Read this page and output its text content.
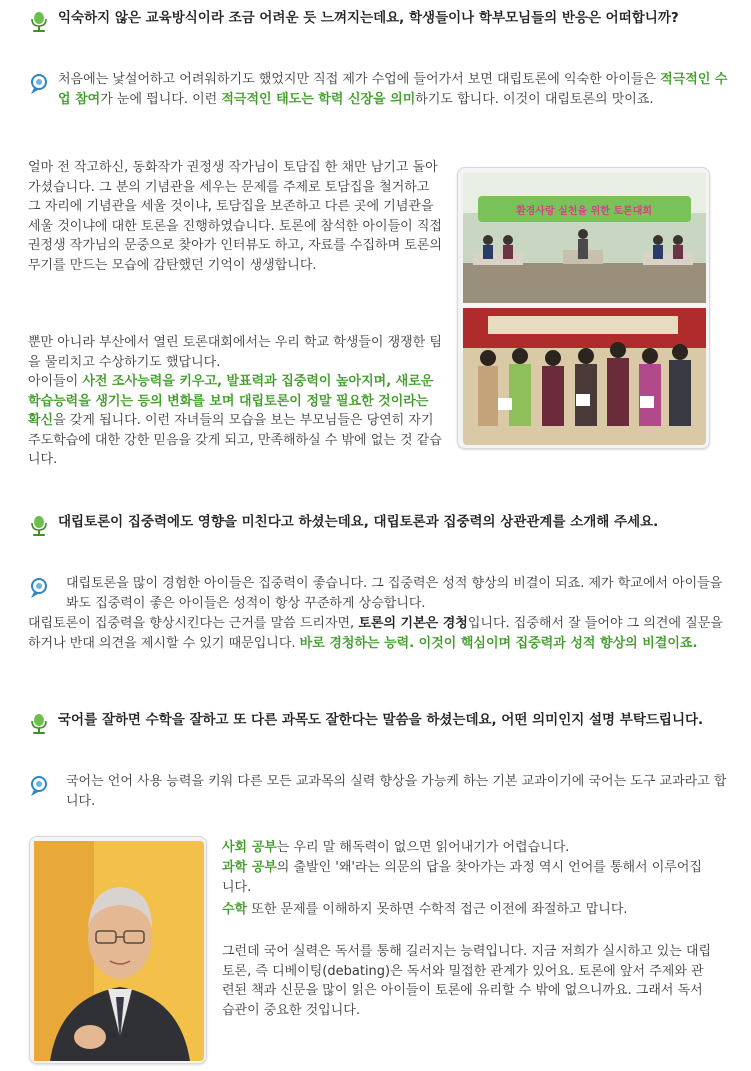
익숙하지 않은 교육방식이라 조금 어려운 듯 느껴지는데요, 학생들이나 학부모님들의 반응은 어떠합니까?
처음에는 낯설어하고 어려워하기도 했었지만 직접 제가 수업에 들어가서 보면 대립토론에 익숙한 아이들은 적극적인 수업 참여가 눈에 띕니다. 이런 적극적인 태도는 학력 신장을 의미하기도 합니다. 이것이 대립토론의 맛이죠.
얼마 전 작고하신, 동화작가 권정생 작가님이 토담집 한 채만 남기고 돌아가셨습니다. 그 분의 기념관을 세우는 문제를 주제로 토담집을 철거하고 그 자리에 기념관을 세울 것이냐, 토담집을 보존하고 다른 곳에 기념관을 세울 것이냐에 대한 토론을 진행하였습니다. 토론에 참석한 아이들이 직접 권정생 작가님의 문중으로 찾아가 인터뷰도 하고, 자료를 수집하며 토론의 무기를 만드는 모습에 감탄했던 기억이 생생합니다.
뿐만 아니라 부산에서 열린 토론대회에서는 우리 학교 학생들이 쟁쟁한 팀을 물리치고 수상하기도 했답니다.
아이들이 사전 조사능력을 키우고, 발표력과 집중력이 높아지며, 새로운 학습능력을 생기는 등의 변화를 보며 대립토론이 정말 필요한 것이라는 확신을 갖게 됩니다. 이런 자녀들의 모습을 보는 부모님들은 당연히 자기주도학습에 대한 강한 믿음을 갖게 되고, 만족해하실 수 밖에 없는 것 같습니다.
환경사랑 실천을 위한 토론대회
대립토론이 집중력에도 영향을 미친다고 하셨는데요, 대립토론과 집중력의 상관관계를 소개해 주세요.
대립토론을 많이 경험한 아이들은 집중력이 좋습니다. 그 집중력은 성적 향상의 비결이 되죠. 제가 학교에서 아이들을 봐도 집중력이 좋은 아이들은 성적이 항상 꾸준하게 상승합니다.
대립토론이 집중력을 향상시킨다는 근거를 말씀 드리자면, 토론의 기본은 경청입니다. 집중해서 잘 들어야 그 의견에 질문을 하거나 반대 의견을 제시할 수 있기 때문입니다. 바로 경청하는 능력. 이것이 핵심이며 집중력과 성적 향상의 비결이죠.
국어를 잘하면 수학을 잘하고 또 다른 과목도 잘한다는 말씀을 하셨는데요, 어떤 의미인지 설명 부탁드립니다.
국어는 언어 사용 능력을 키워 다른 모든 교과목의 실력 향상을 가능케 하는 기본 교과이기에 국어는 도구 교과라고 합니다.
사회 공부는 우리 말 해독력이 없으면 읽어내기가 어렵습니다.
과학 공부의 출발인 '왜'라는 의문의 답을 찾아가는 과정 역시 언어를 통해서 이루어집니다.
수학 또한 문제를 이해하지 못하면 수학적 접근 이전에 좌절하고 맙니다.
그런데 국어 실력은 독서를 통해 길러지는 능력입니다. 지금 저희가 실시하고 있는 대립토론, 즉 디베이팅(debating)은 독서와 밀접한 관계가 있어요. 토론에 앞서 주제와 관련된 책과 신문을 많이 읽은 아이들이 토론에 유리할 수 밖에 없으니까요. 그래서 독서습관이 중요한 것입니다.
